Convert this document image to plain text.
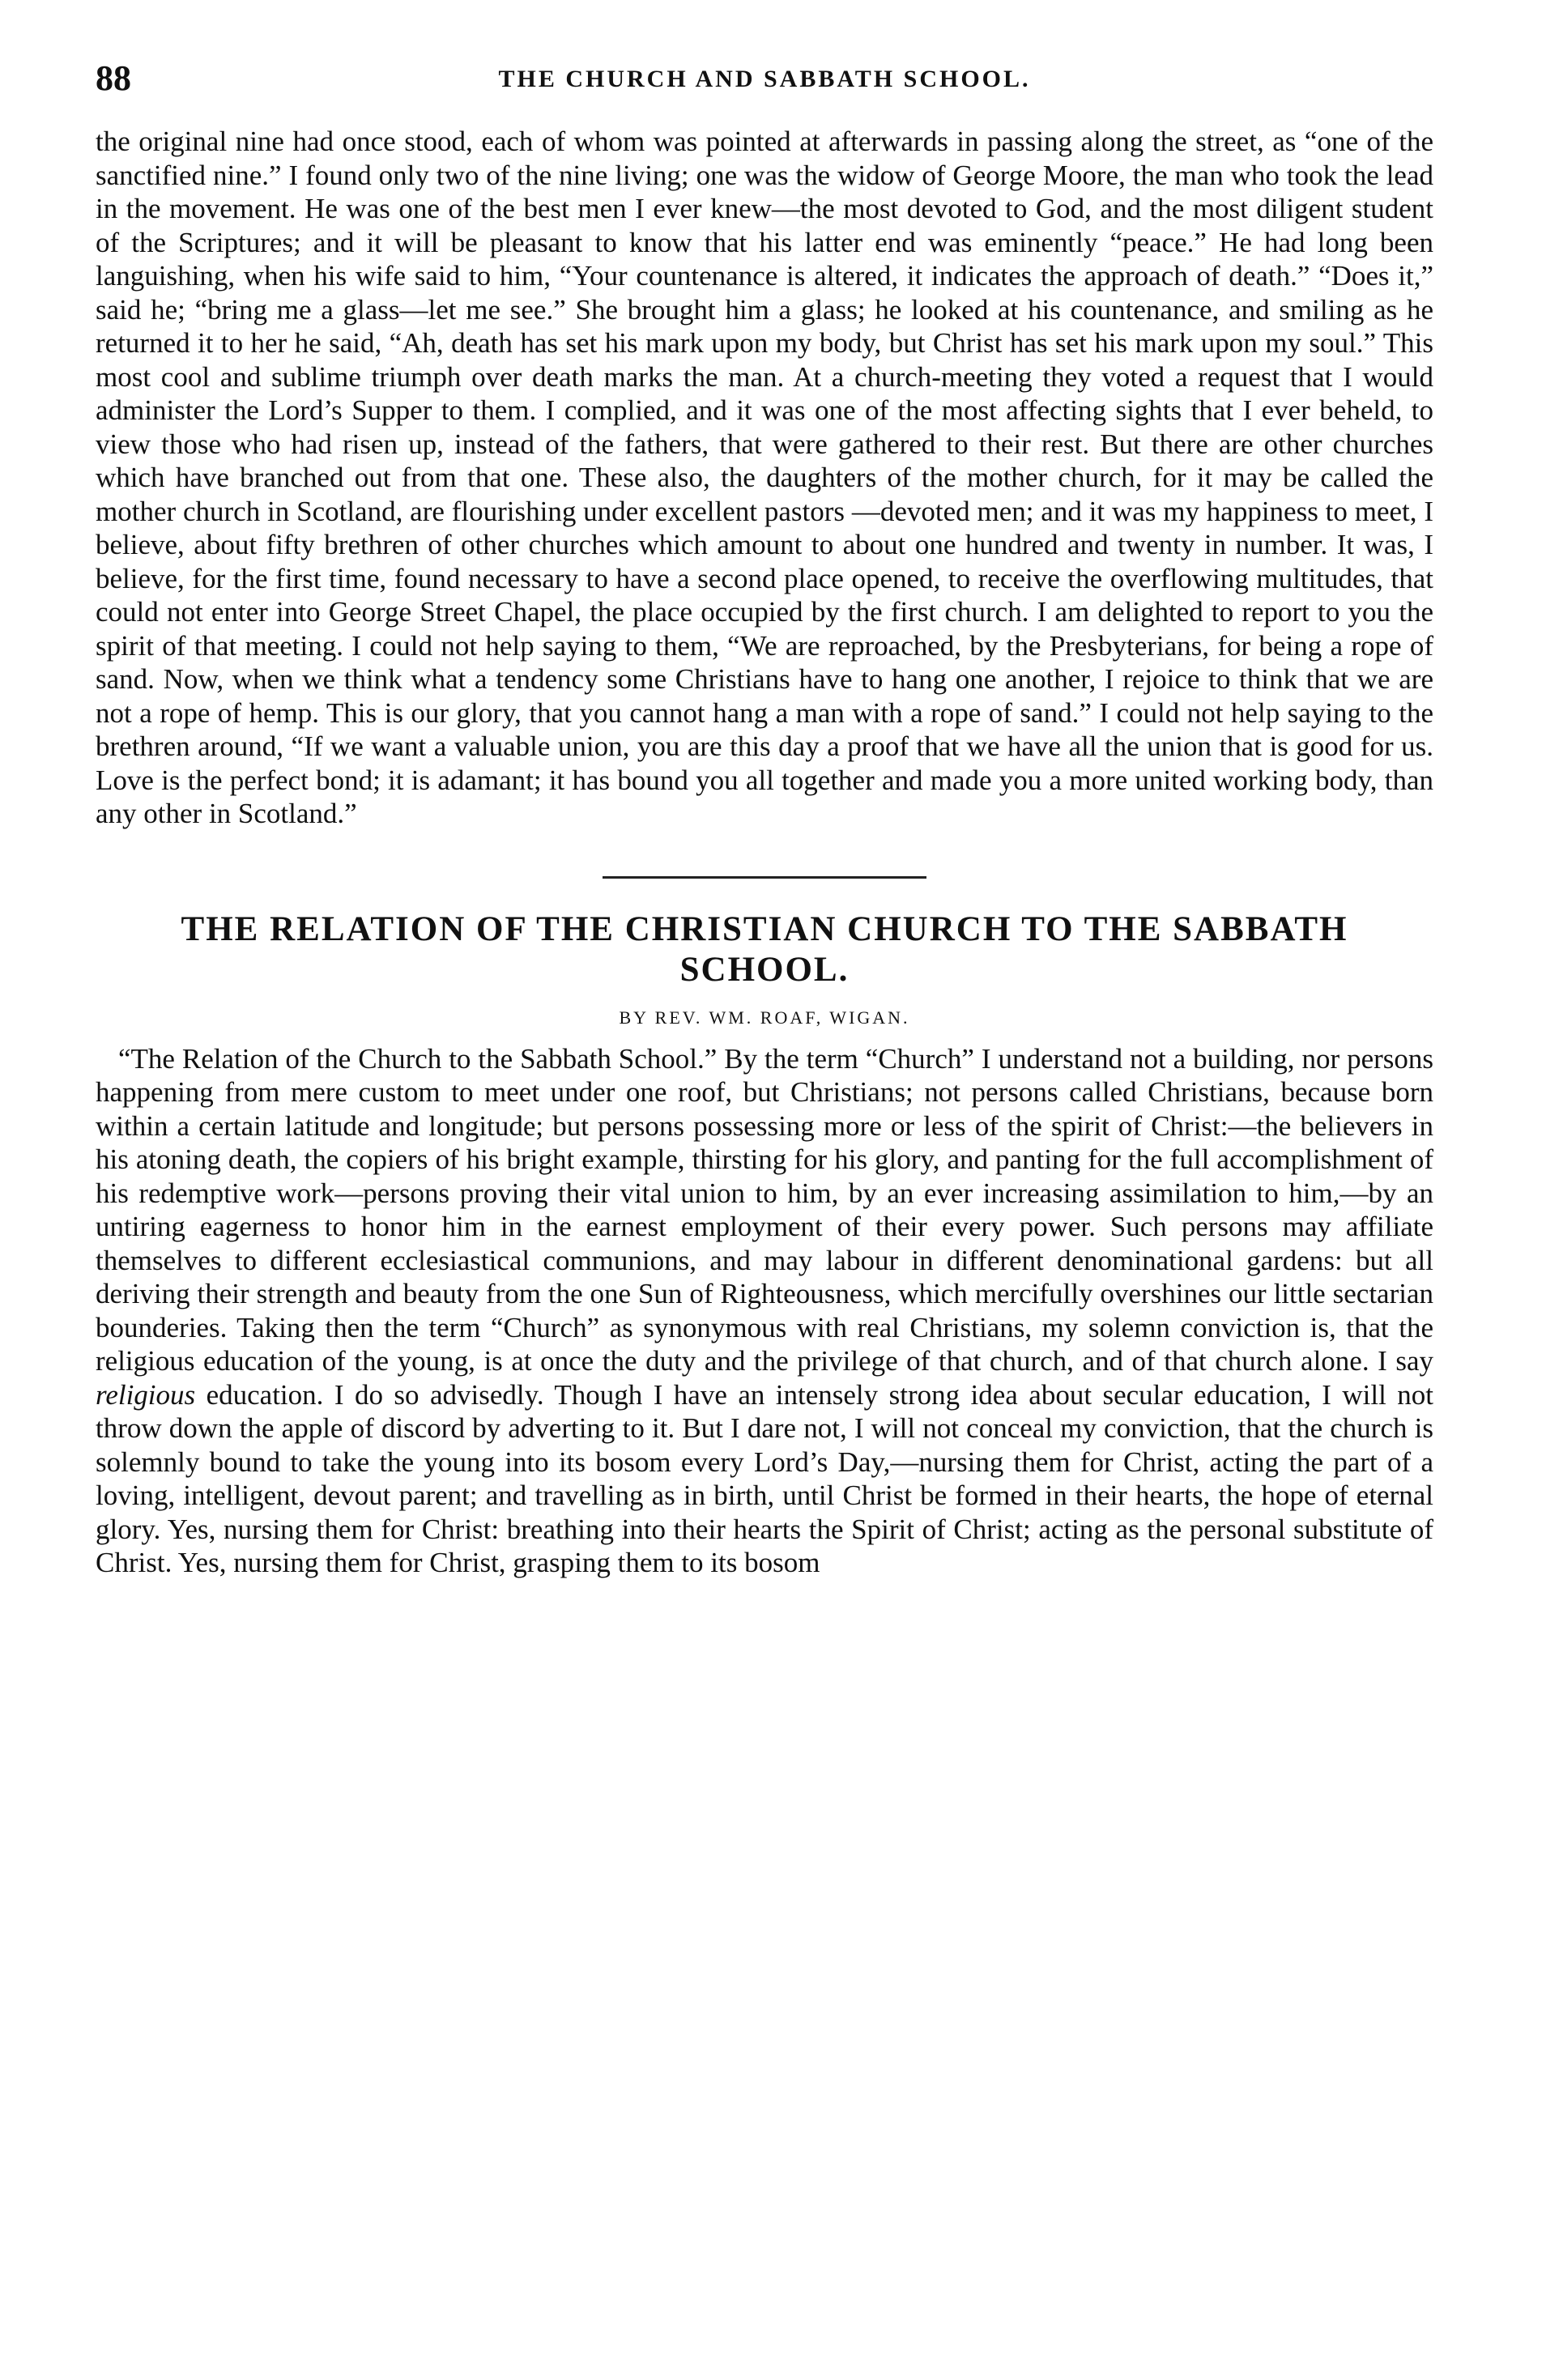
88	THE CHURCH AND SABBATH SCHOOL.

the original nine had once stood, each of whom was pointed at afterwards in passing along the street, as “one of the sanctified nine.” I found only two of the nine living; one was the widow of George Moore, the man who took the lead in the movement. He was one of the best men I ever knew—the most devoted to God, and the most diligent student of the Scriptures; and it will be pleasant to know that his latter end was eminently “peace.” He had long been languishing, when his wife said to him, “Your countenance is altered, it indicates the approach of death.” “Does it,” said he; “bring me a glass—let me see.” She brought him a glass; he looked at his countenance, and smiling as he returned it to her he said, “Ah, death has set his mark upon my body, but Christ has set his mark upon my soul.” This most cool and sublime triumph over death marks the man. At a church-meeting they voted a request that I would administer the Lord’s Supper to them. I complied, and it was one of the most affecting sights that I ever beheld, to view those who had risen up, instead of the fathers, that were gathered to their rest. But there are other churches which have branched out from that one. These also, the daughters of the mother church, for it may be called the mother church in Scotland, are flourishing under excellent pastors —devoted men; and it was my happiness to meet, I believe, about fifty brethren of other churches which amount to about one hundred and twenty in number. It was, I believe, for the first time, found necessary to have a second place opened, to receive the overflowing multitudes, that could not enter into George Street Chapel, the place occupied by the first church. I am delighted to report to you the spirit of that meeting. I could not help saying to them, “We are reproached, by the Presbyterians, for being a rope of sand. Now, when we think what a tendency some Christians have to hang one another, I rejoice to think that we are not a rope of hemp. This is our glory, that you cannot hang a man with a rope of sand.” I could not help saying to the brethren around, “If we want a valuable union, you are this day a proof that we have all the union that is good for us. Love is the perfect bond; it is adamant; it has bound you all together and made you a more united working body, than any other in Scotland.”

THE RELATION OF THE CHRISTIAN CHURCH TO THE SABBATH SCHOOL.
BY REV. WM. ROAF, WIGAN.

“The Relation of the Church to the Sabbath School.” By the term “Church” I understand not a building, nor persons happening from mere custom to meet under one roof, but Christians; not persons called Christians, because born within a certain latitude and longitude; but persons possessing more or less of the spirit of Christ:—the believers in his atoning death, the copiers of his bright example, thirsting for his glory, and panting for the full accomplishment of his redemptive work—persons proving their vital union to him, by an ever increasing assimilation to him,—by an untiring eagerness to honor him in the earnest employment of their every power. Such persons may affiliate themselves to different ecclesiastical communions, and may labour in different denominational gardens: but all deriving their strength and beauty from the one Sun of Righteousness, which mercifully overshines our little sectarian bounderies. Taking then the term “Church” as synonymous with real Christians, my solemn conviction is, that the religious education of the young, is at once the duty and the privilege of that church, and of that church alone. I say religious education. I do so advisedly. Though I have an intensely strong idea about secular education, I will not throw down the apple of discord by adverting to it. But I dare not, I will not conceal my conviction, that the church is solemnly bound to take the young into its bosom every Lord’s Day,—nursing them for Christ, acting the part of a loving, intelligent, devout parent; and travelling as in birth, until Christ be formed in their hearts, the hope of eternal glory. Yes, nursing them for Christ: breathing into their hearts the Spirit of Christ; acting as the personal substitute of Christ. Yes, nursing them for Christ, grasping them to its bosom
